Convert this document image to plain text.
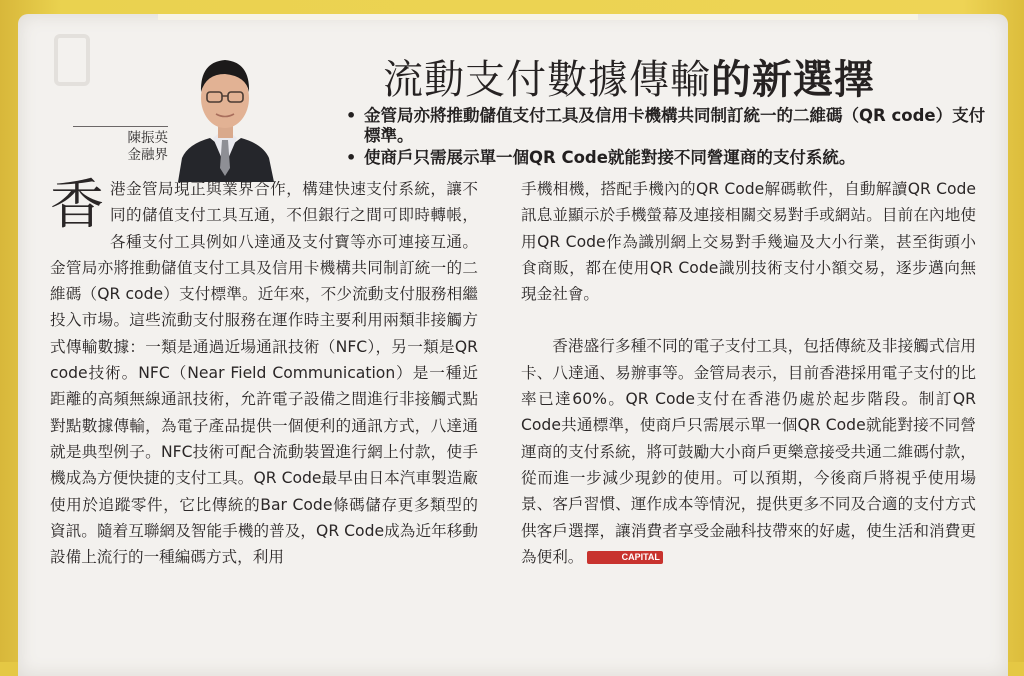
陳振英
金融界
流動支付數據傳輸的新選擇
• 金管局亦將推動儲值支付工具及信用卡機構共同制訂統一的二維碼（QR code）支付標準。
• 使商戶只需展示單一個QR Code就能對接不同營運商的支付系統。
香 港金管局現正與業界合作，構建快速支付系統，讓不同的儲值支付工具互通，不但銀行之間可即時轉帳，各種支付工具例如八達通及支付寶等亦可連接互通。金管局亦將推動儲值支付工具及信用卡機構共同制訂統一的二維碼（QR code）支付標準。近年來，不少流動支付服務相繼投入市場。這些流動支付服務在運作時主要利用兩類非接觸方式傳輸數據：一類是通過近場通訊技術（NFC），另一類是QR code技術。NFC（Near Field Communication）是一種近距離的高頻無線通訊技術，允許電子設備之間進行非接觸式點對點數據傳輸，為電子產品提供一個便利的通訊方式，八達通就是典型例子。NFC技術可配合流動裝置進行網上付款，使手機成為方便快捷的支付工具。QR Code最早由日本汽車製造廠使用於追蹤零件，它比傳統的Bar Code條碼儲存更多類型的資訊。隨着互聯網及智能手機的普及，QR Code成為近年移動設備上流行的一種編碼方式，利用

手機相機，搭配手機內的QR Code解碼軟件，自動解讀QR Code訊息並顯示於手機螢幕及連接相關交易對手或網站。目前在內地使用QR Code作為識別網上交易對手幾遍及大小行業，甚至街頭小食商販，都在使用QR Code識別技術支付小額交易，逐步邁向無現金社會。

香港盛行多種不同的電子支付工具，包括傳統及非接觸式信用卡、八達通、易辦事等。金管局表示，目前香港採用電子支付的比率已達60%。QR Code支付在香港仍處於起步階段。制訂QR Code共通標準，使商戶只需展示單一個QR Code就能對接不同營運商的支付系統，將可鼓勵大小商戶更樂意接受共通二維碼付款，從而進一步減少現鈔的使用。可以預期，今後商戶將視乎使用場景、客戶習慣、運作成本等情況，提供更多不同及合適的支付方式供客戶選擇，讓消費者享受金融科技帶來的好處，使生活和消費更為便利。	CAPITAL
